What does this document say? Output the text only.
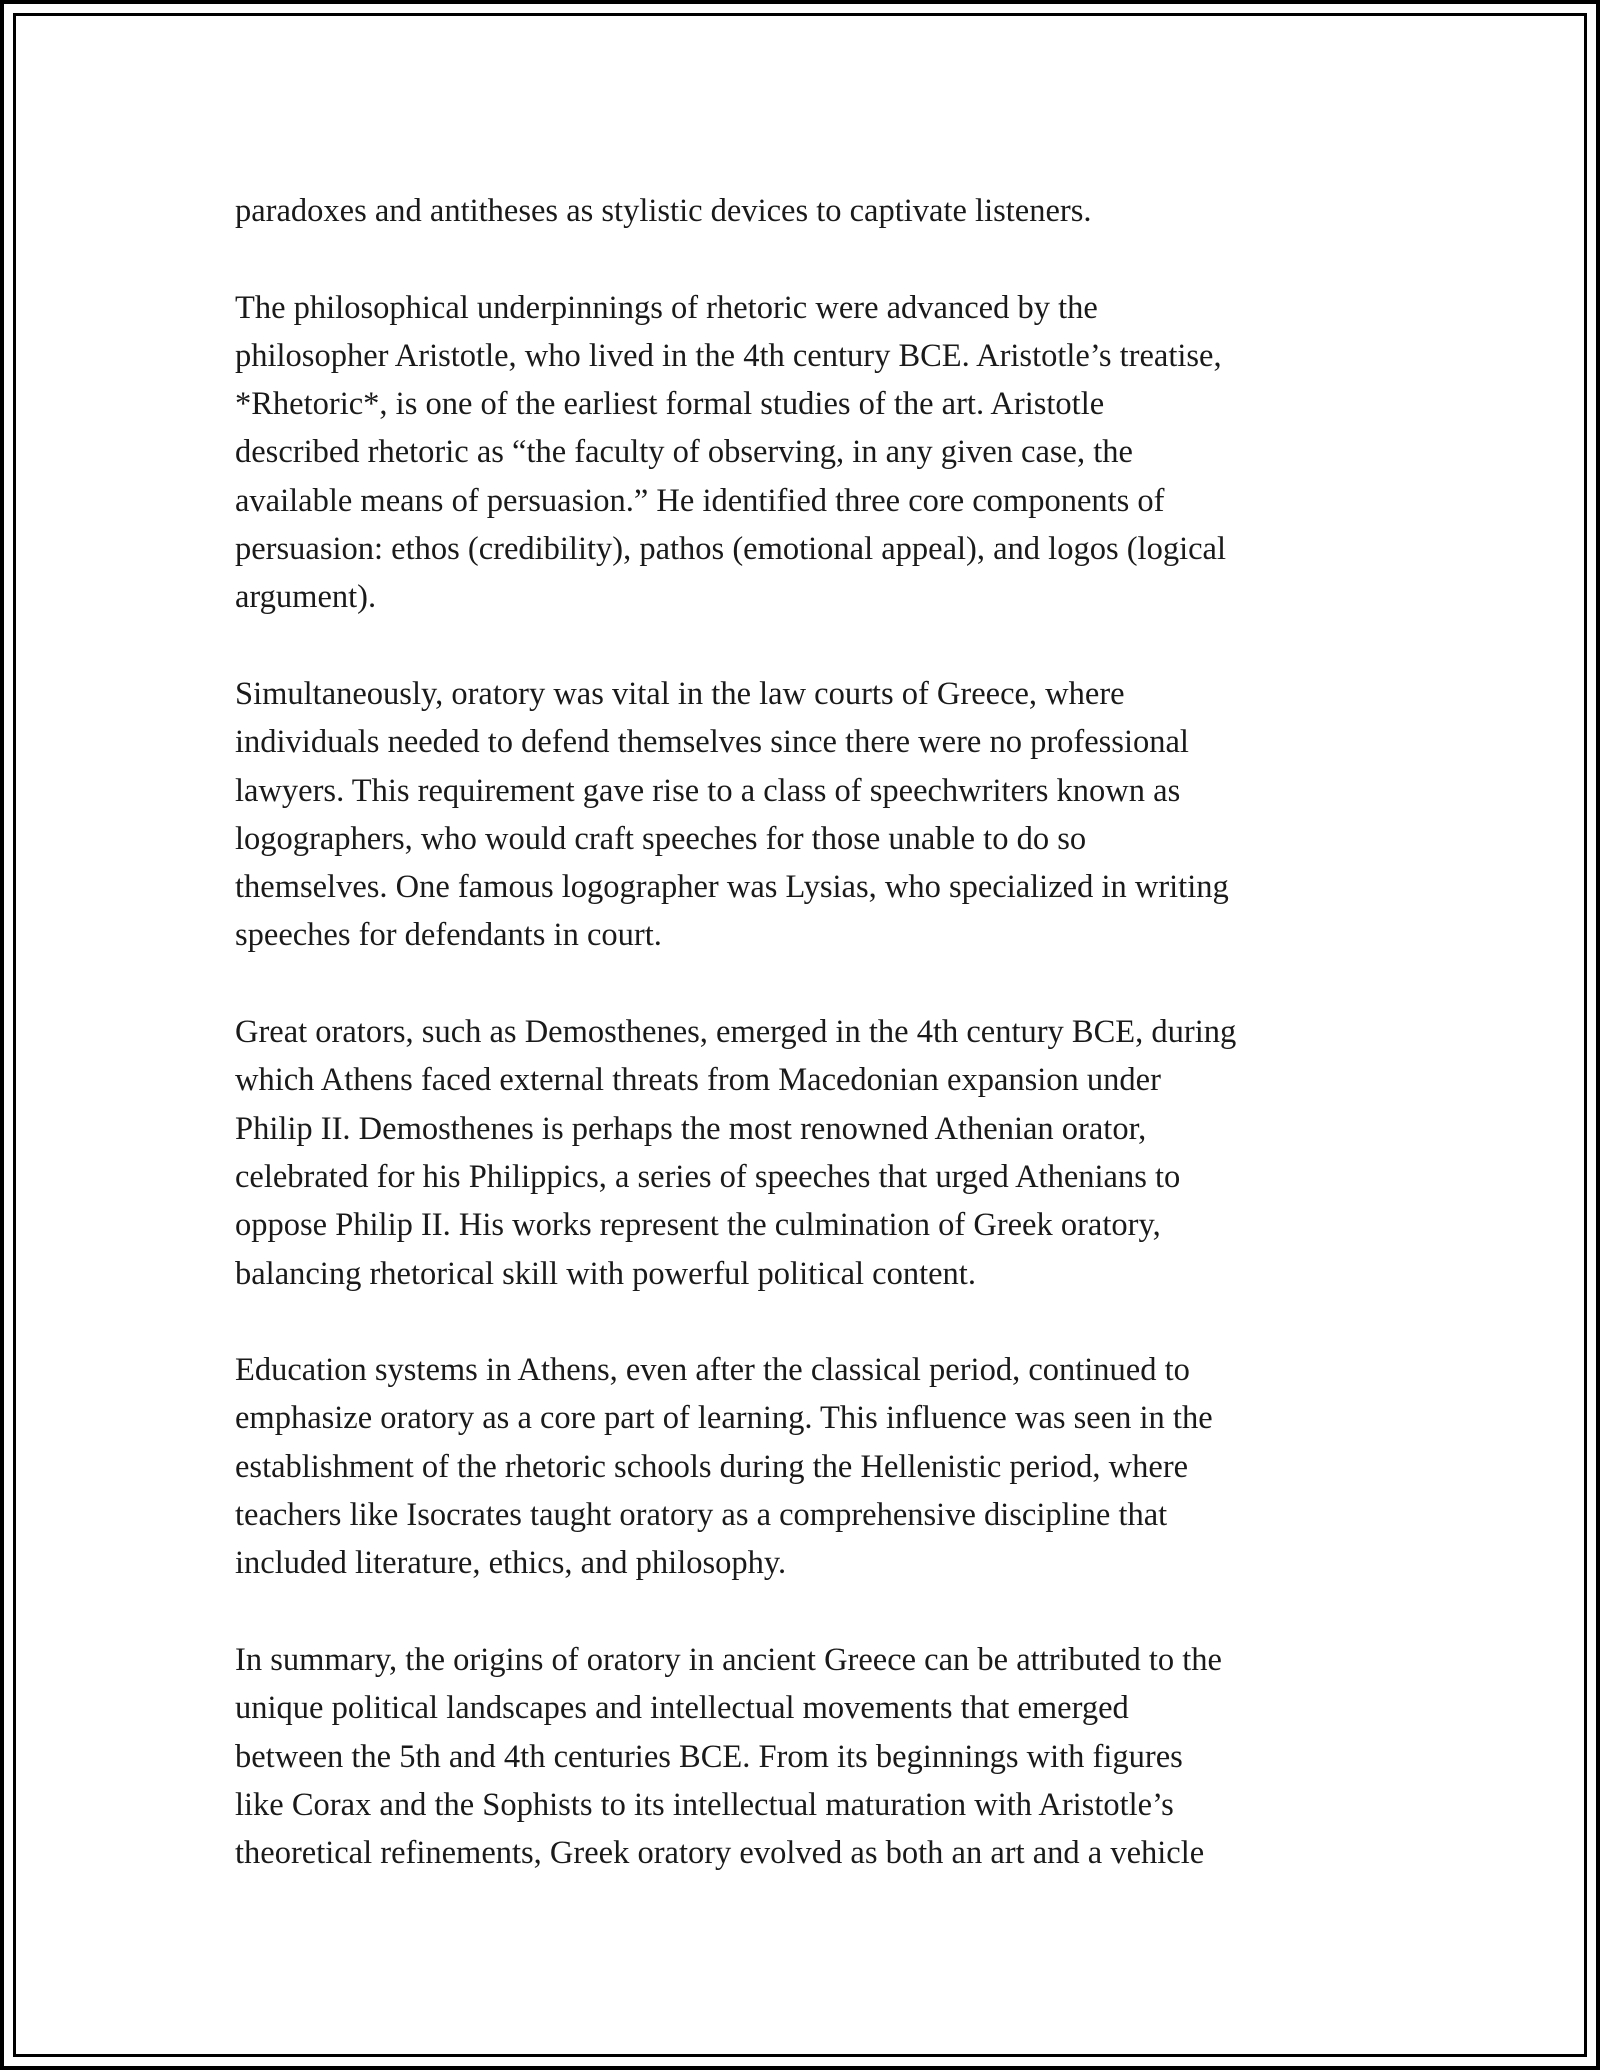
paradoxes and antitheses as stylistic devices to captivate listeners.

The philosophical underpinnings of rhetoric were advanced by the
philosopher Aristotle, who lived in the 4th century BCE. Aristotle’s treatise,
*Rhetoric*, is one of the earliest formal studies of the art. Aristotle
described rhetoric as “the faculty of observing, in any given case, the
available means of persuasion.” He identified three core components of
persuasion: ethos (credibility), pathos (emotional appeal), and logos (logical
argument).

Simultaneously, oratory was vital in the law courts of Greece, where
individuals needed to defend themselves since there were no professional
lawyers. This requirement gave rise to a class of speechwriters known as
logographers, who would craft speeches for those unable to do so
themselves. One famous logographer was Lysias, who specialized in writing
speeches for defendants in court.

Great orators, such as Demosthenes, emerged in the 4th century BCE, during
which Athens faced external threats from Macedonian expansion under
Philip II. Demosthenes is perhaps the most renowned Athenian orator,
celebrated for his Philippics, a series of speeches that urged Athenians to
oppose Philip II. His works represent the culmination of Greek oratory,
balancing rhetorical skill with powerful political content.

Education systems in Athens, even after the classical period, continued to
emphasize oratory as a core part of learning. This influence was seen in the
establishment of the rhetoric schools during the Hellenistic period, where
teachers like Isocrates taught oratory as a comprehensive discipline that
included literature, ethics, and philosophy.

In summary, the origins of oratory in ancient Greece can be attributed to the
unique political landscapes and intellectual movements that emerged
between the 5th and 4th centuries BCE. From its beginnings with figures
like Corax and the Sophists to its intellectual maturation with Aristotle’s
theoretical refinements, Greek oratory evolved as both an art and a vehicle
